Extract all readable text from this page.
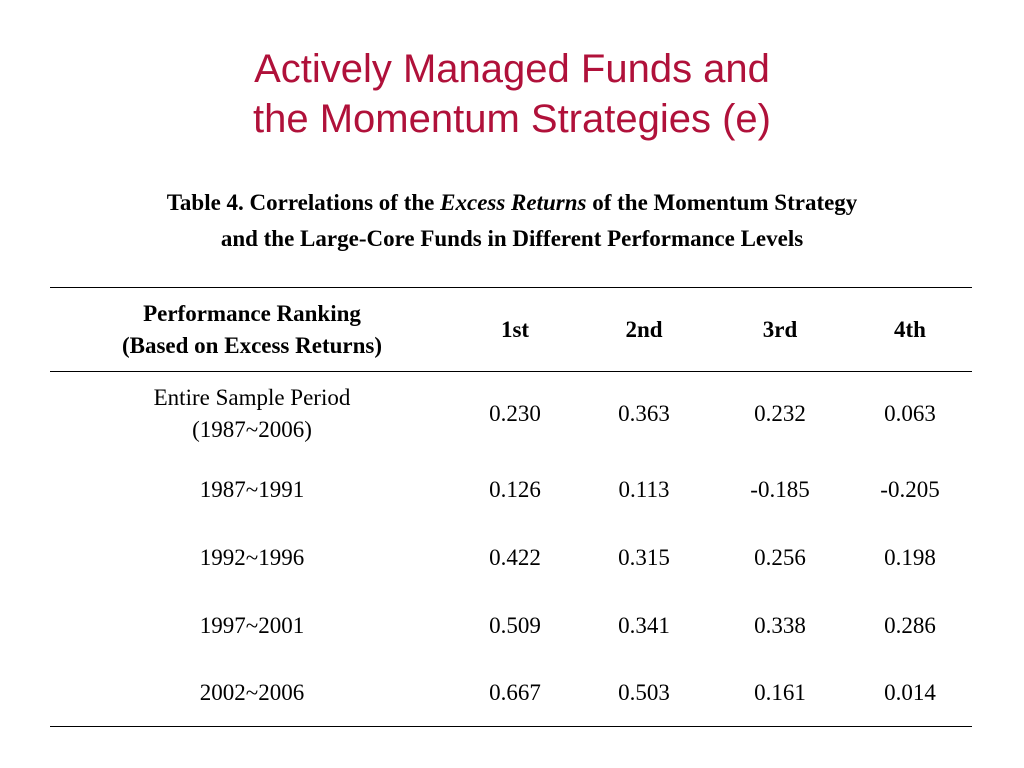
Actively Managed Funds and
the Momentum Strategies (e)
Table 4. Correlations of the Excess Returns of the Momentum Strategy
and the Large-Core Funds in Different Performance Levels
Performance Ranking
(Based on Excess Returns)	1st	2nd	3rd	4th

Entire Sample Period
(1987~2006)	0.230	0.363	0.232	0.063
1987~1991	0.126	0.113	-0.185	-0.205
1992~1996	0.422	0.315	0.256	0.198
1997~2001	0.509	0.341	0.338	0.286
2002~2006	0.667	0.503	0.161	0.014
